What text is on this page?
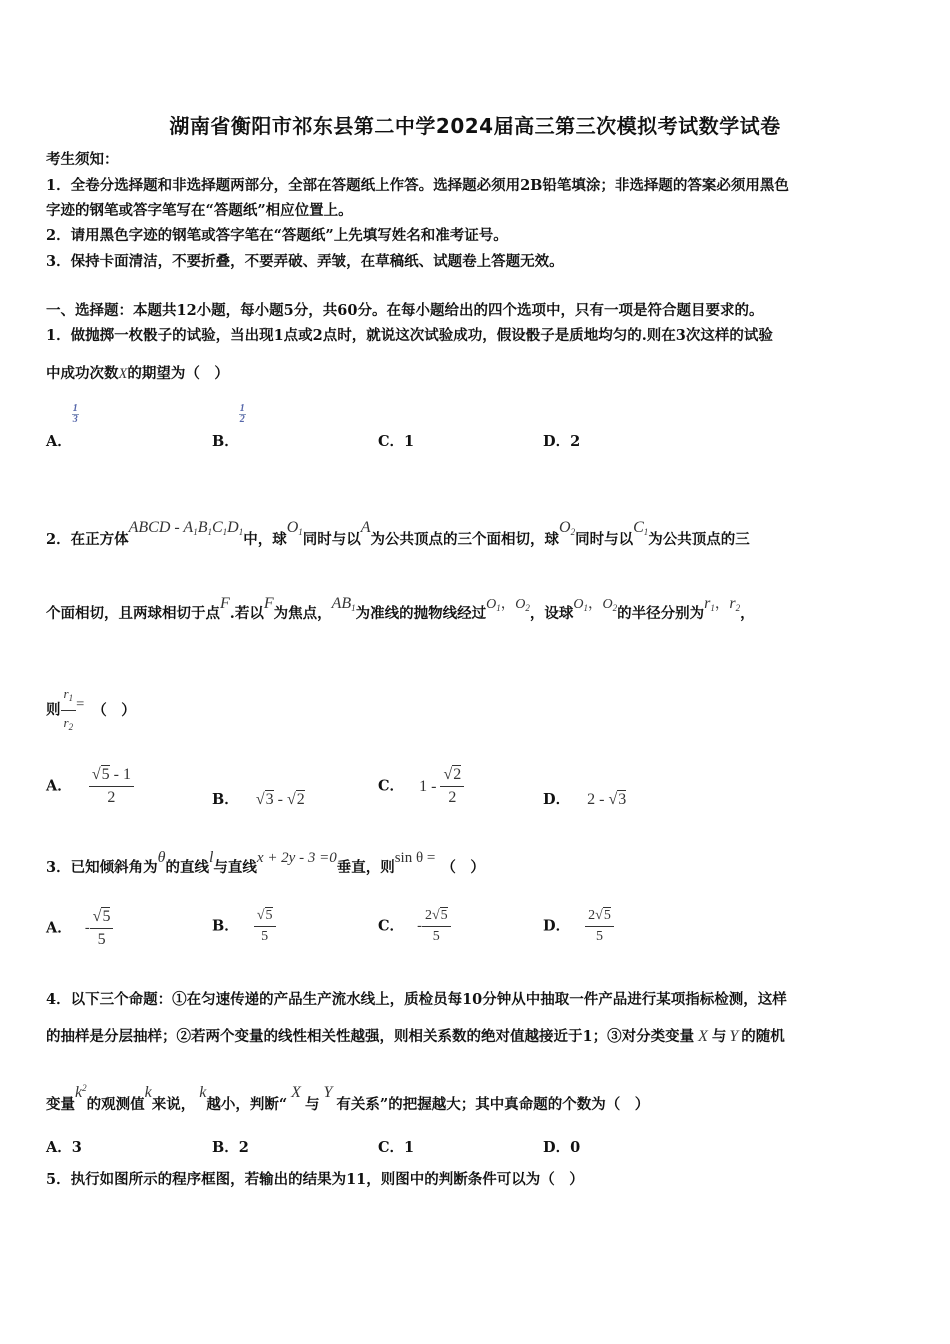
湖南省衡阳市祁东县第二中学2024届高三第三次模拟考试数学试卷
考生须知：
1．全卷分选择题和非选择题两部分，全部在答题纸上作答。选择题必须用2B铅笔填涂；非选择题的答案必须用黑色
字迹的钢笔或答字笔写在“答题纸”相应位置上。
2．请用黑色字迹的钢笔或答字笔在“答题纸”上先填写姓名和准考证号。
3．保持卡面清洁，不要折叠，不要弄破、弄皱，在草稿纸、试题卷上答题无效。
一、选择题：本题共12小题，每小题5分，共60分。在每小题给出的四个选项中，只有一项是符合题目要求的。
1．做抛掷一枚骰子的试验，当出现1点或2点时，就说这次试验成功，假设骰子是质地均匀的.则在3次这样的试验
中成功次数X的期望为（　）
A．
$\frac{1}{3}$
B．
$\frac{1}{2}$
C．1	D．2
2．在正方体ABCD - $A_1B_1C_1D_1$中，球$O_1$同时与以A为公共顶点的三个面相切，球$O_2$同时与以$C_1$为公共顶点的三
个面相切，且两球相切于点F.若以F为焦点，$AB_1$为准线的抛物线经过$O_1$，$O_2$，设球$O_1$，$O_2$的半径分别为$r_1$，$r_2$，
则 $\frac{r_1}{r_2}$ = （　）
A． $\frac{√5 - 1}{2}$	B． √3 - √2
C． $1 - \frac{√2}{2}$	D． 2 - √3
3．已知倾斜角为θ的直线l与直线x + 2y - 3 =0垂直，则sin θ =（　）
A． - $\frac{√5}{5}$	B． $\frac{√5}{5}$	C． - $\frac{2√5}{5}$	D． $\frac{2√5}{5}$
4．以下三个命题：①在匀速传递的产品生产流水线上，质检员每10分钟从中抽取一件产品进行某项指标检测，这样
的抽样是分层抽样；②若两个变量的线性相关性越强，则相关系数的绝对值越接近于1；③对分类变量 X 与 Y 的随机
变量$k^2$的观测值k来说，k越小，判断“X与Y有关系”的把握越大；其中真命题的个数为（　）
A．3	B．2	C．1	D．0
5．执行如图所示的程序框图，若输出的结果为11，则图中的判断条件可以为（　）
